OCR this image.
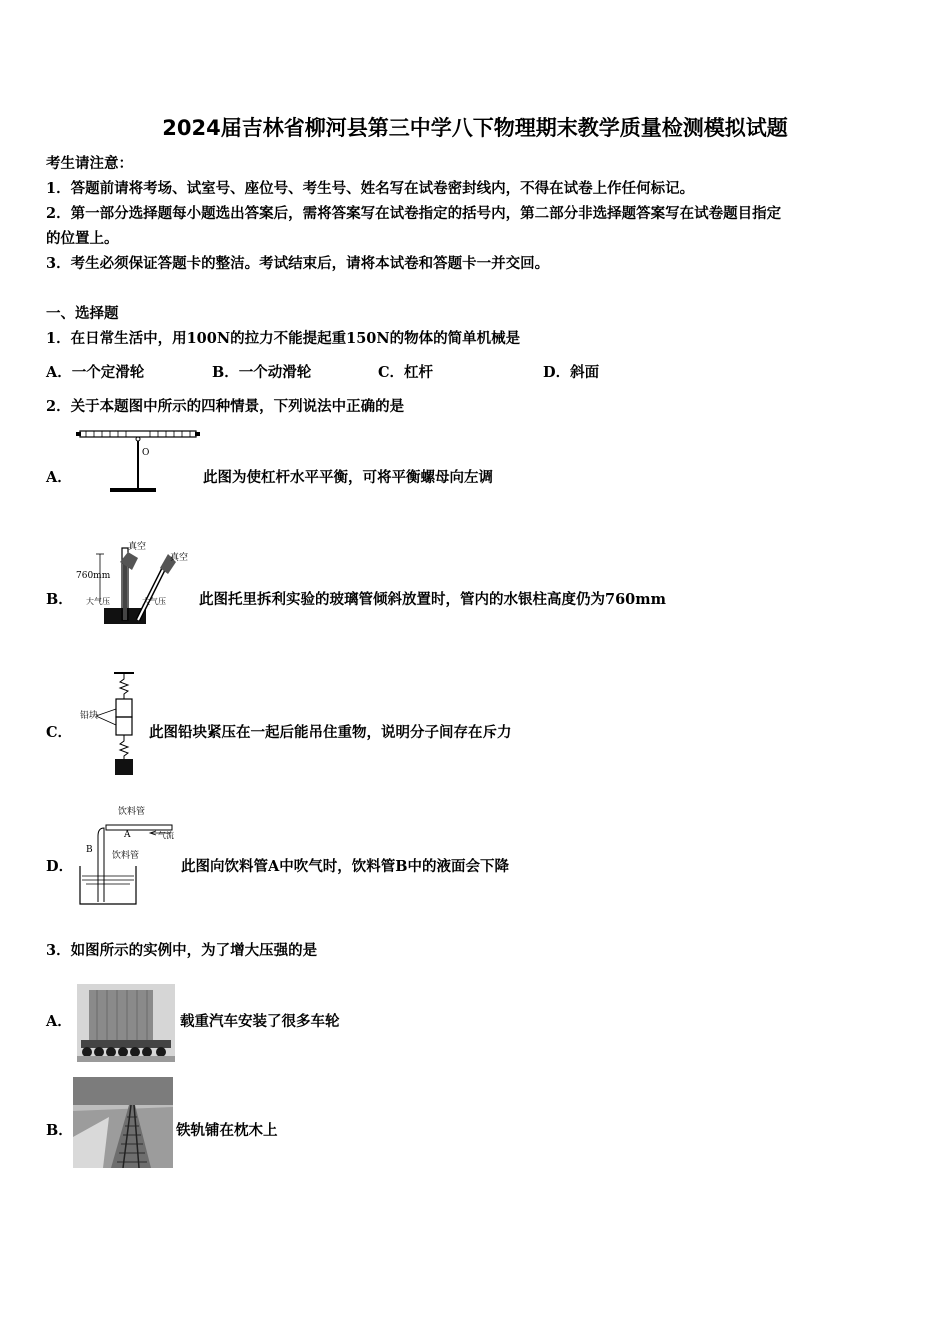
2024届吉林省柳河县第三中学八下物理期末教学质量检测模拟试题
考生请注意：
1．答题前请将考场、试室号、座位号、考生号、姓名写在试卷密封线内，不得在试卷上作任何标记。
2．第一部分选择题每小题选出答案后，需将答案写在试卷指定的括号内，第二部分非选择题答案写在试卷题目指定
的位置上。
3．考生必须保证答题卡的整洁。考试结束后，请将本试卷和答题卡一并交回。
一、选择题
1．在日常生活中，用100N的拉力不能提起重150N的物体的简单机械是
A．一个定滑轮	B．一个动滑轮	C．杠杆	D．斜面
2．关于本题图中所示的四种情景，下列说法中正确的是
A．
O
此图为使杠杆水平平衡，可将平衡螺母向左调
B．
真空
真空
760mm
大气压	大气压 此图托里拆利实验的玻璃管倾斜放置时，管内的水银柱高度仍为760mm
C．
铅块
此图铅块紧压在一起后能吊住重物，说明分子间存在斥力
D．
饮料管
A	气流
B
饮料管
此图向饮料管A中吹气时，饮料管B中的液面会下降
3．如图所示的实例中，为了增大压强的是
A．	载重汽车安装了很多车轮
B．	铁轨铺在枕木上
